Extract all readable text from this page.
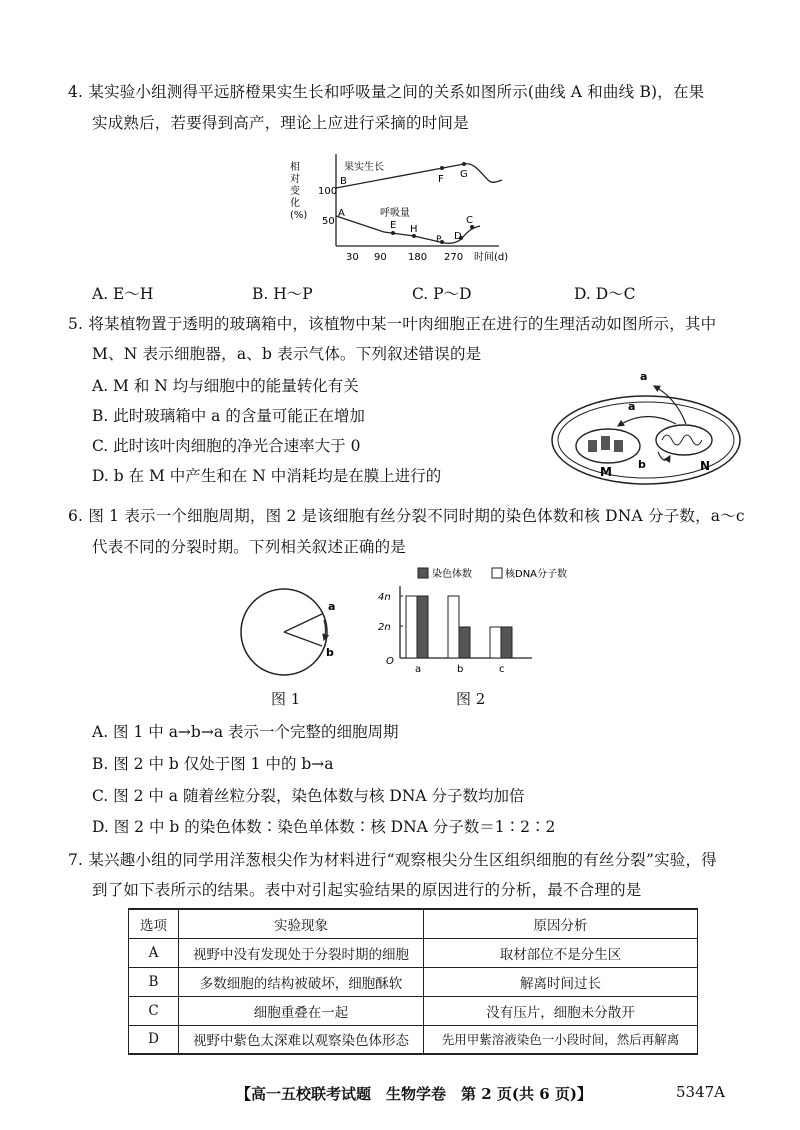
4. 某实验小组测得平远脐橙果实生长和呼吸量之间的关系如图所示(曲线 A 和曲线 B)，在果
实成熟后，若要得到高产，理论上应进行采摘的时间是
相对变化(%)
100
50
30 90 180 270 时间(d)
果实生长
B	F G
A	呼吸量
E H
P D
C
A. E～H	B. H～P	C. P～D	D. D～C
5. 将某植物置于透明的玻璃箱中，该植物中某一叶肉细胞正在进行的生理活动如图所示，其中
M、N 表示细胞器，a、b 表示气体。下列叙述错误的是
A. M 和 N 均与细胞中的能量转化有关
B. 此时玻璃箱中 a 的含量可能正在增加
C. 此时该叶肉细胞的净光合速率大于 0
D. b 在 M 中产生和在 N 中消耗均是在膜上进行的	M	N
b
a
a
6. 图 1 表示一个细胞周期，图 2 是该细胞有丝分裂不同时期的染色体数和核 DNA 分子数，a～c
代表不同的分裂时期。下列相关叙述正确的是
a
b
图 1
染色体数	核DNA分子数
4n
2n
O
a	b	c
图 2
A. 图 1 中 a→b→a 表示一个完整的细胞周期
B. 图 2 中 b 仅处于图 1 中的 b→a
C. 图 2 中 a 随着丝粒分裂，染色体数与核 DNA 分子数均加倍
D. 图 2 中 b 的染色体数∶染色单体数∶核 DNA 分子数＝1∶2∶2
7. 某兴趣小组的同学用洋葱根尖作为材料进行“观察根尖分生区组织细胞的有丝分裂”实验，得
到了如下表所示的结果。表中对引起实验结果的原因进行的分析，最不合理的是
选项	实验现象	原因分析
A	视野中没有发现处于分裂时期的细胞	取材部位不是分生区
B	多数细胞的结构被破坏，细胞酥软	解离时间过长
C	细胞重叠在一起	没有压片，细胞未分散开
D	视野中紫色太深难以观察染色体形态	先用甲紫溶液染色一小段时间，然后再解离
【高一五校联考试题　生物学卷　第 2 页(共 6 页)】	5347A
